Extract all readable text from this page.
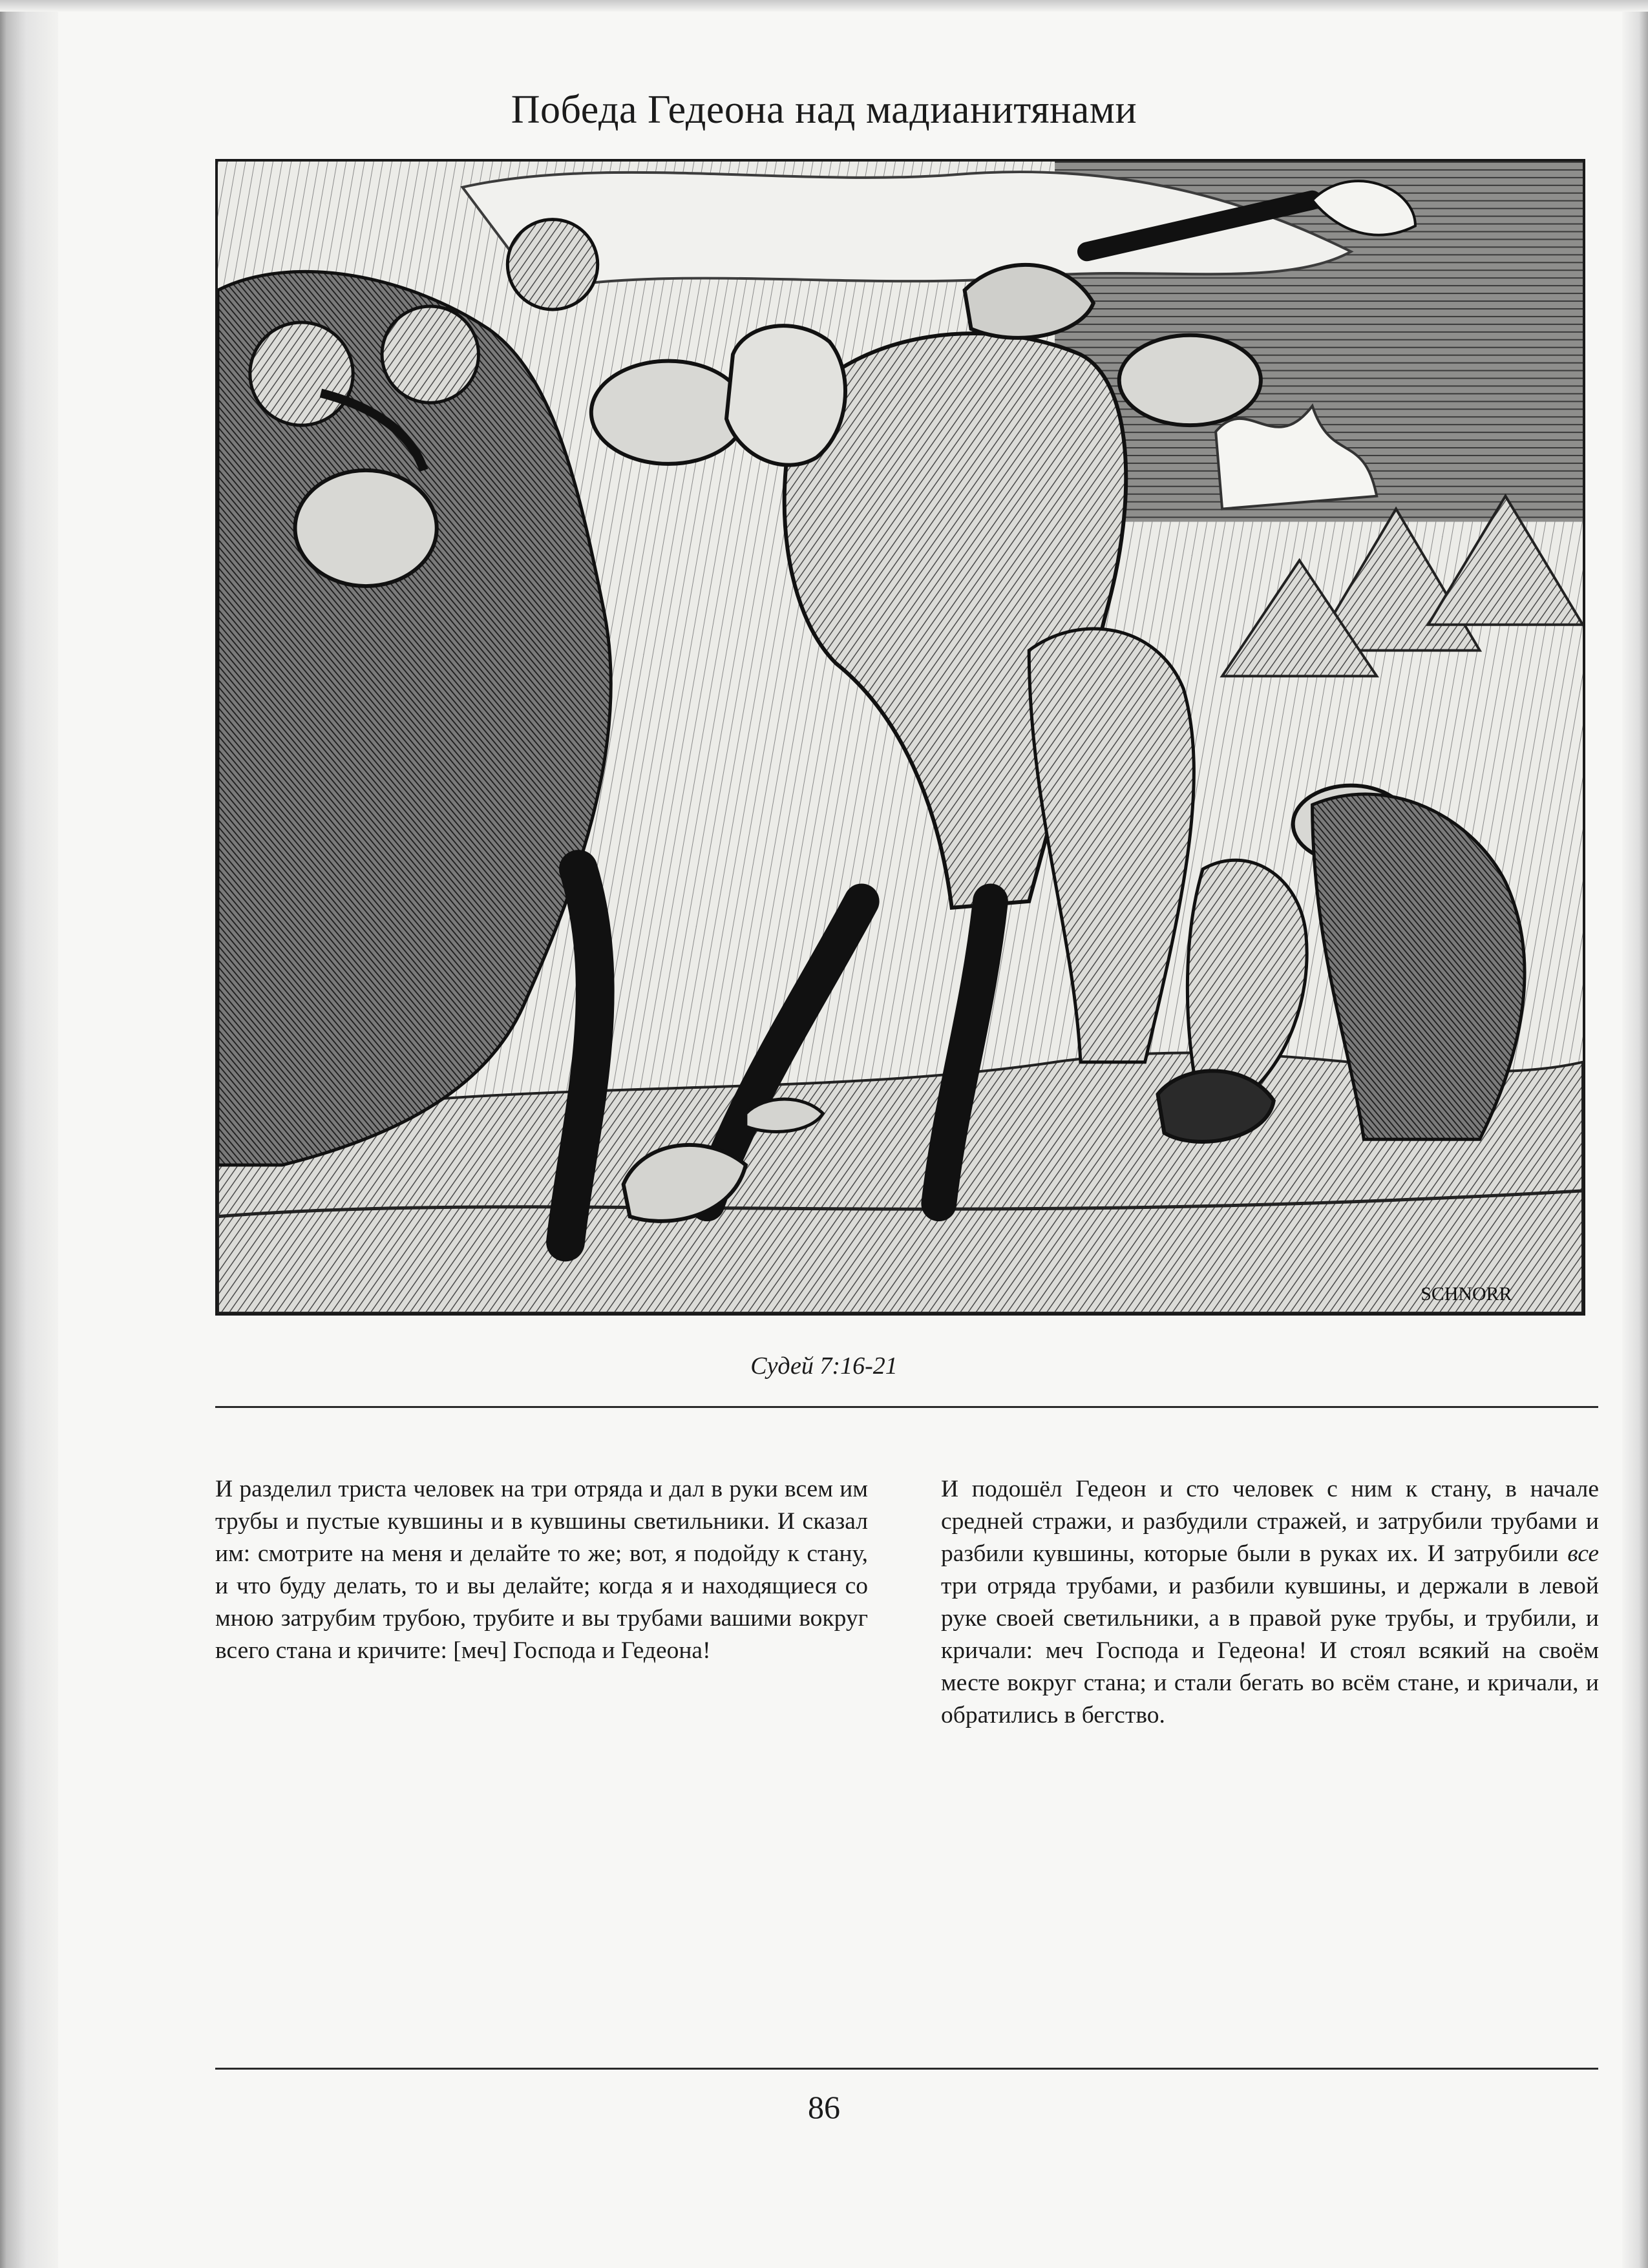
Победа Гедеона над мадианитянами
SCHNORR
Судей 7:16-21

И разделил триста человек на три отряда и дал в руки всем им трубы и пустые кувшины и в кувшины светильники. И сказал им: смотрите на меня и делайте то же; вот, я подойду к стану, и что буду делать, то и вы делайте; когда я и находящиеся со мною затрубим трубою, трубите и вы трубами вашими вокруг всего стана и кричите: [меч] Господа и Гедеона!

И подошёл Гедеон и сто человек с ним к стану, в начале средней стражи, и разбудили стражей, и затрубили трубами и разбили кувшины, которые были в руках их. И затрубили все три отряда трубами, и разбили кувшины, и держали в левой руке своей светильники, а в правой руке трубы, и трубили, и кричали: меч Господа и Гедеона! И стоял всякий на своём месте вокруг стана; и стали бегать во всём стане, и кричали, и обратились в бегство.

86
